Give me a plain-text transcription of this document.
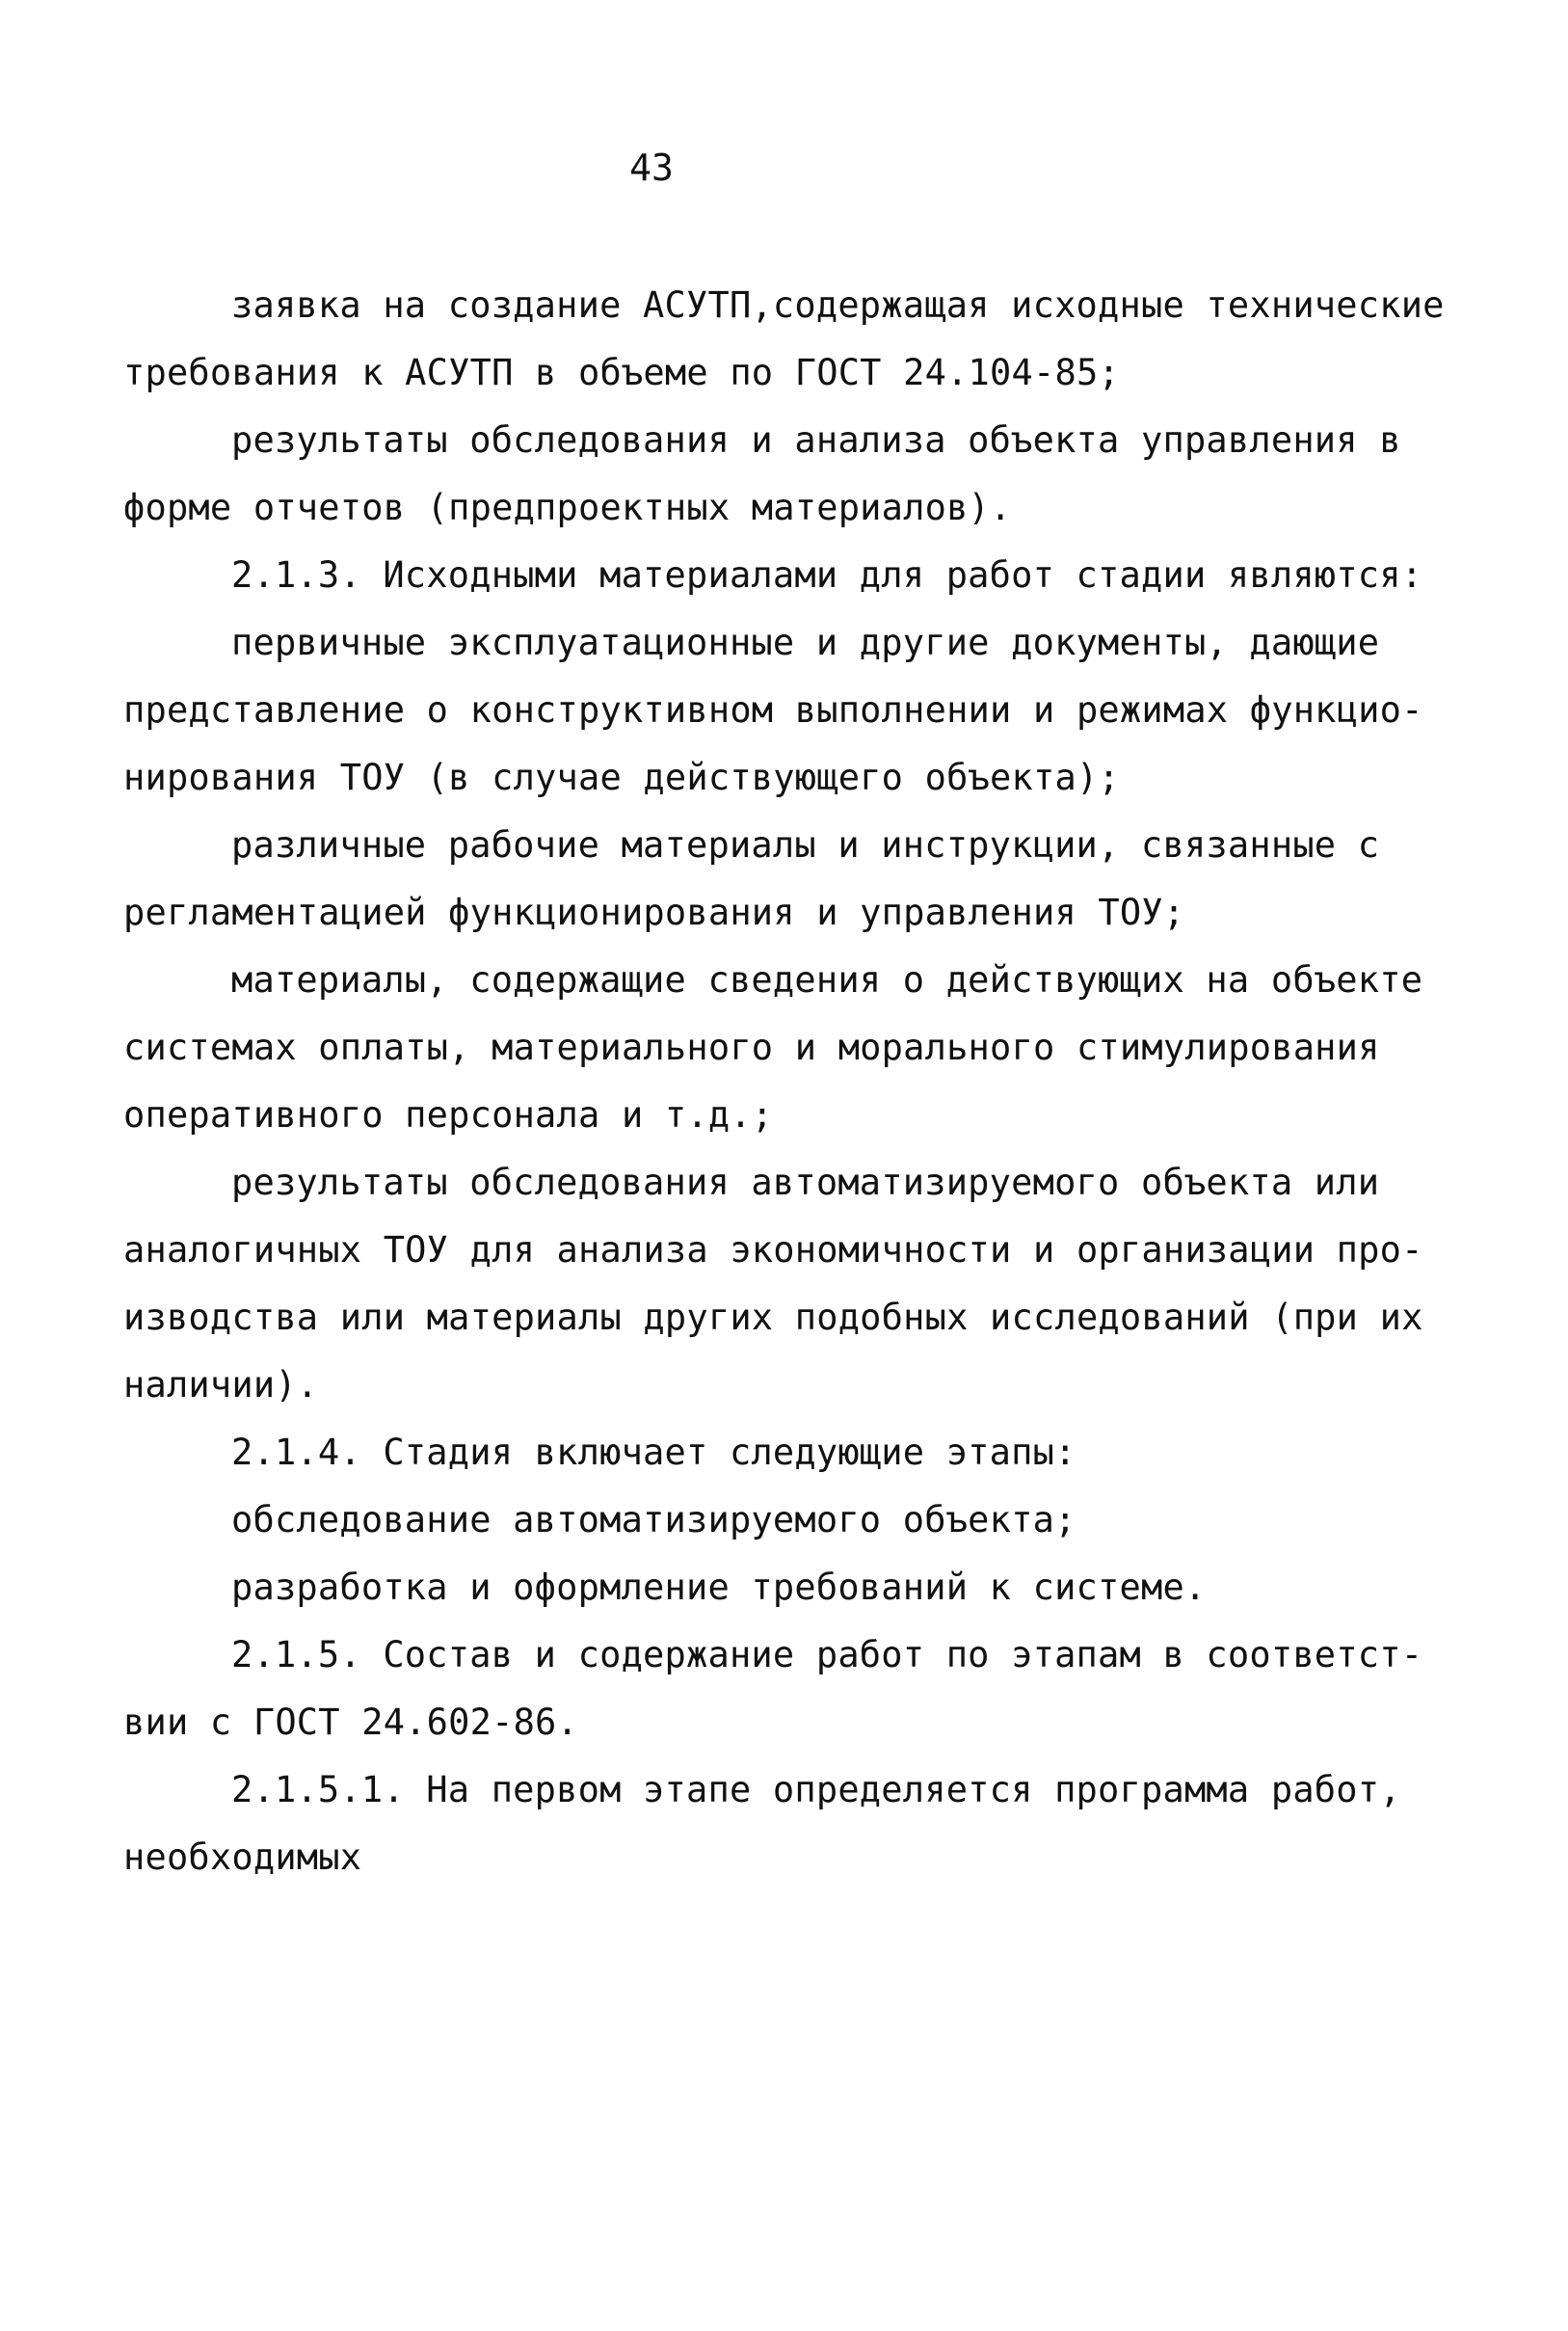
43
заявка на создание АСУТП,содержащая исходные технические
требования к АСУТП в объеме по ГОСТ 24.104-85;
результаты обследования и анализа объекта управления в
форме отчетов (предпроектных материалов).
2.1.3. Исходными материалами для работ стадии являются:
первичные эксплуатационные и другие документы, дающие
представление о конструктивном выполнении и режимах функцио-
нирования ТОУ (в случае действующего объекта);
различные рабочие материалы и инструкции, связанные с
регламентацией функционирования и управления ТОУ;
материалы, содержащие сведения о действующих на объекте
системах оплаты, материального и морального стимулирования
оперативного персонала и т.д.;
результаты обследования автоматизируемого объекта или
аналогичных ТОУ для анализа экономичности и организации про-
изводства или материалы других подобных исследований (при их
наличии).
2.1.4. Стадия включает следующие этапы:
обследование автоматизируемого объекта;
разработка и оформление требований к системе.
2.1.5. Состав и содержание работ по этапам в соответст-
вии с ГОСТ 24.602-86.
2.1.5.1. На первом этапе определяется программа работ,
необходимых
